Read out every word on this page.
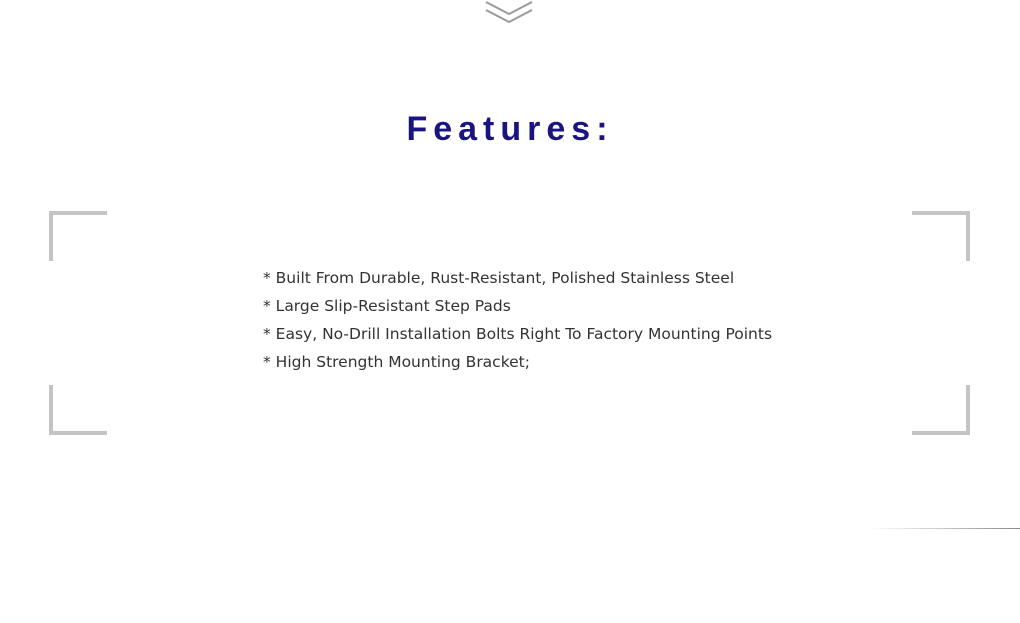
Features:
* Built From Durable, Rust-Resistant, Polished Stainless Steel
* Large Slip-Resistant Step Pads
* Easy, No-Drill Installation Bolts Right To Factory Mounting Points
* High Strength Mounting Bracket;
